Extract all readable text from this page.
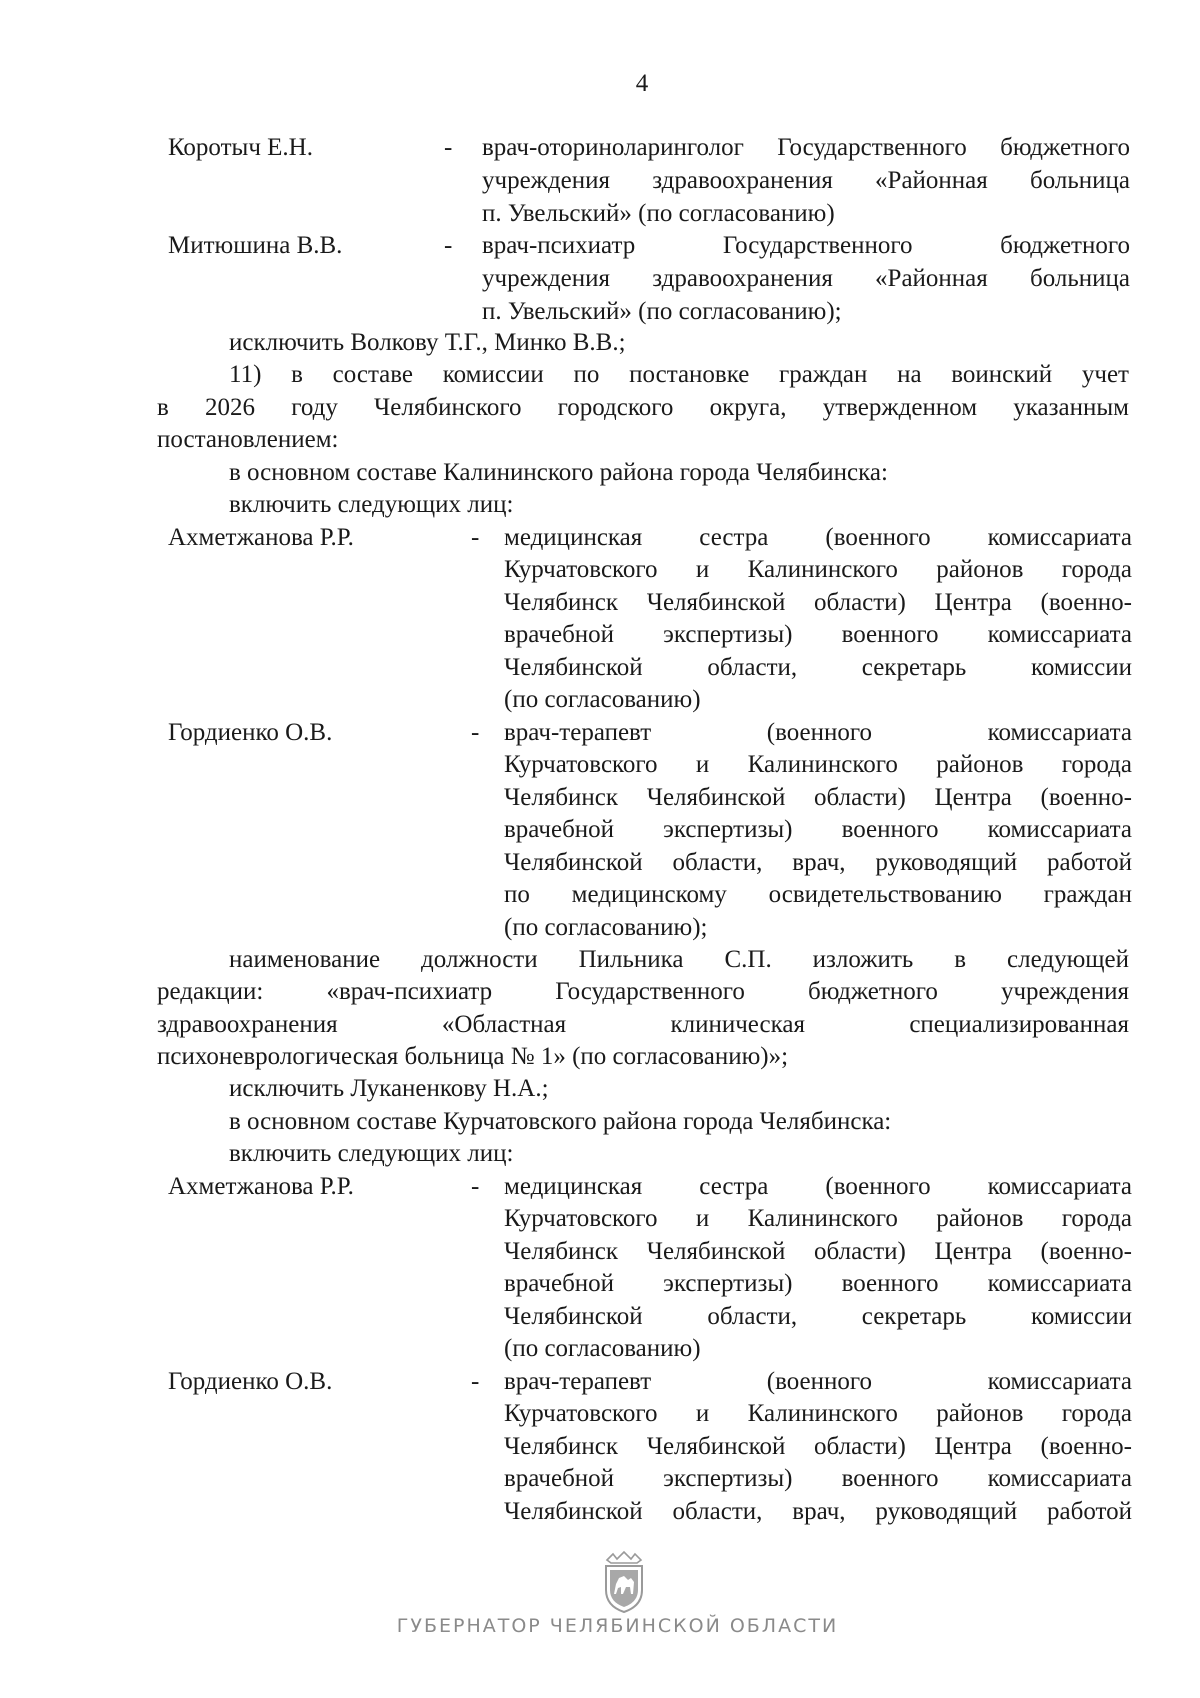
4
Коротыч Е.Н.	- врач-оториноларинголог Государственного бюджетного
учреждения здравоохранения «Районная больница
п. Увельский» (по согласованию)
Митюшина В.В.	- врач-психиатр Государственного бюджетного
учреждения здравоохранения «Районная больница
п. Увельский» (по согласованию);
исключить Волкову Т.Г., Минко В.В.;
11) в составе комиссии по постановке граждан на воинский учет
в 2026 году Челябинского городского округа, утвержденном указанным
постановлением:
в основном составе Калининского района города Челябинска:
включить следующих лиц:
Ахметжанова Р.Р.	- медицинская сестра (военного комиссариата
Курчатовского и Калининского районов города
Челябинск Челябинской области) Центра (военно-
врачебной экспертизы) военного комиссариата
Челябинской области, секретарь комиссии
(по согласованию)
Гордиенко О.В.	- врач-терапевт (военного комиссариата
Курчатовского и Калининского районов города
Челябинск Челябинской области) Центра (военно-
врачебной экспертизы) военного комиссариата
Челябинской области, врач, руководящий работой
по медицинскому освидетельствованию граждан
(по согласованию);
наименование должности Пильника С.П. изложить в следующей
редакции: «врач-психиатр Государственного бюджетного учреждения
здравоохранения «Областная клиническая специализированная
психоневрологическая больница № 1» (по согласованию)»;
исключить Луканенкову Н.А.;
в основном составе Курчатовского района города Челябинска:
включить следующих лиц:
Ахметжанова Р.Р.	- медицинская сестра (военного комиссариата
Курчатовского и Калининского районов города
Челябинск Челябинской области) Центра (военно-
врачебной экспертизы) военного комиссариата
Челябинской области, секретарь комиссии
(по согласованию)
Гордиенко О.В.	- врач-терапевт (военного комиссариата
Курчатовского и Калининского районов города
Челябинск Челябинской области) Центра (военно-
врачебной экспертизы) военного комиссариата
Челябинской области, врач, руководящий работой
ГУБЕРНАТОР ЧЕЛЯБИНСКОЙ ОБЛАСТИ
